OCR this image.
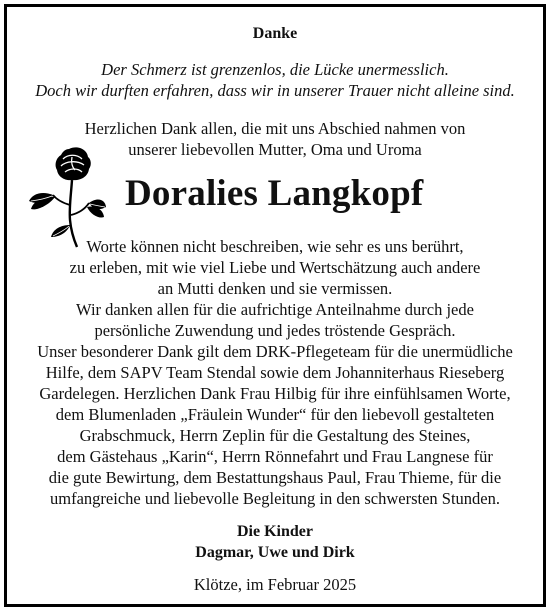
Danke
Der Schmerz ist grenzenlos, die Lücke unermesslich.
Doch wir durften erfahren, dass wir in unserer Trauer nicht alleine sind.
Herzlichen Dank allen, die mit uns Abschied nahmen von
unserer liebevollen Mutter, Oma und Uroma
Doralies Langkopf
Worte können nicht beschreiben, wie sehr es uns berührt,
zu erleben, mit wie viel Liebe und Wertschätzung auch andere
an Mutti denken und sie vermissen.
Wir danken allen für die aufrichtige Anteilnahme durch jede
persönliche Zuwendung und jedes tröstende Gespräch.
Unser besonderer Dank gilt dem DRK-Pflegeteam für die unermüdliche
Hilfe, dem SAPV Team Stendal sowie dem Johanniterhaus Rieseberg
Gardelegen. Herzlichen Dank Frau Hilbig für ihre einfühlsamen Worte,
dem Blumenladen „Fräulein Wunder“ für den liebevoll gestalteten
Grabschmuck, Herrn Zeplin für die Gestaltung des Steines,
dem Gästehaus „Karin“, Herrn Rönnefahrt und Frau Langnese für
die gute Bewirtung, dem Bestattungshaus Paul, Frau Thieme, für die
umfangreiche und liebevolle Begleitung in den schwersten Stunden.
Die Kinder
Dagmar, Uwe und Dirk
Klötze, im Februar 2025
